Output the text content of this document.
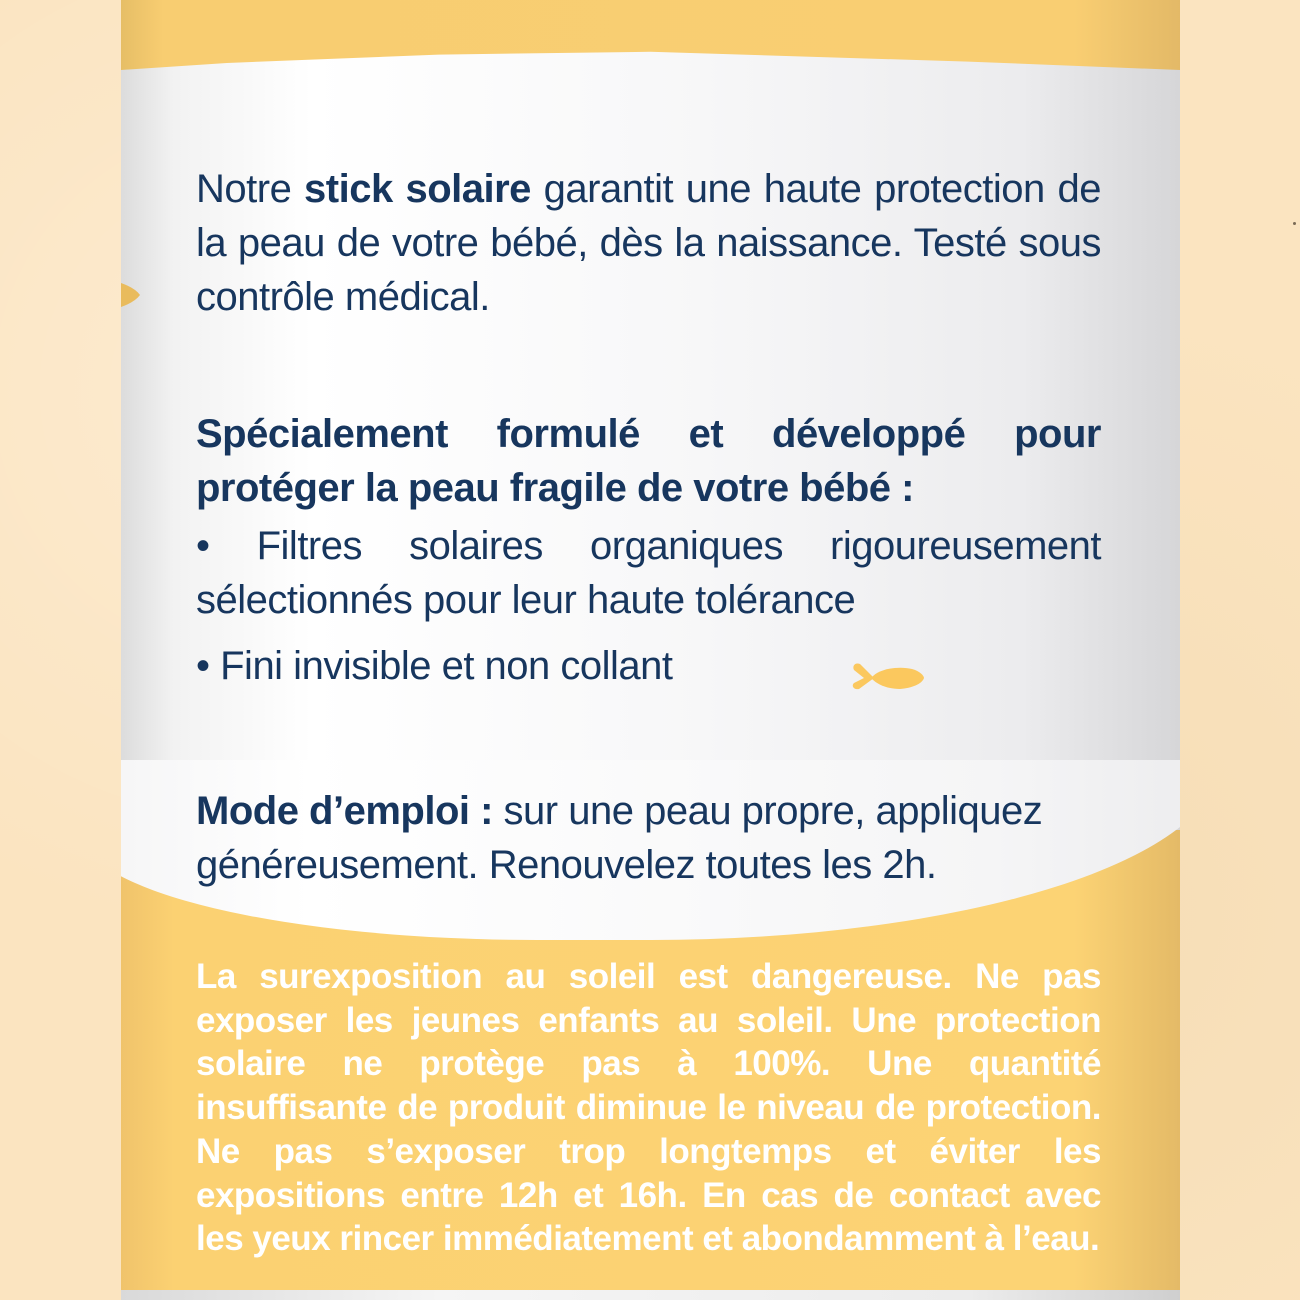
Notre stick solaire garantit une haute protection de la peau de votre bébé, dès la naissance. Testé sous contrôle médical.

Spécialement formulé et développé pour protéger la peau fragile de votre bébé :

• Filtres solaires organiques rigoureusement sélectionnés pour leur haute tolérance

• Fini invisible et non collant

Mode d’emploi : sur une peau propre, appliquez généreusement. Renouvelez toutes les 2h.

La surexposition au soleil est dangereuse. Ne pas exposer les jeunes enfants au soleil. Une protection solaire ne protège pas à 100%. Une quantité insuffisante de produit diminue le niveau de protection. Ne pas s’exposer trop longtemps et éviter les expositions entre 12h et 16h. En cas de contact avec les yeux rincer immédiatement et abondamment à l’eau.
